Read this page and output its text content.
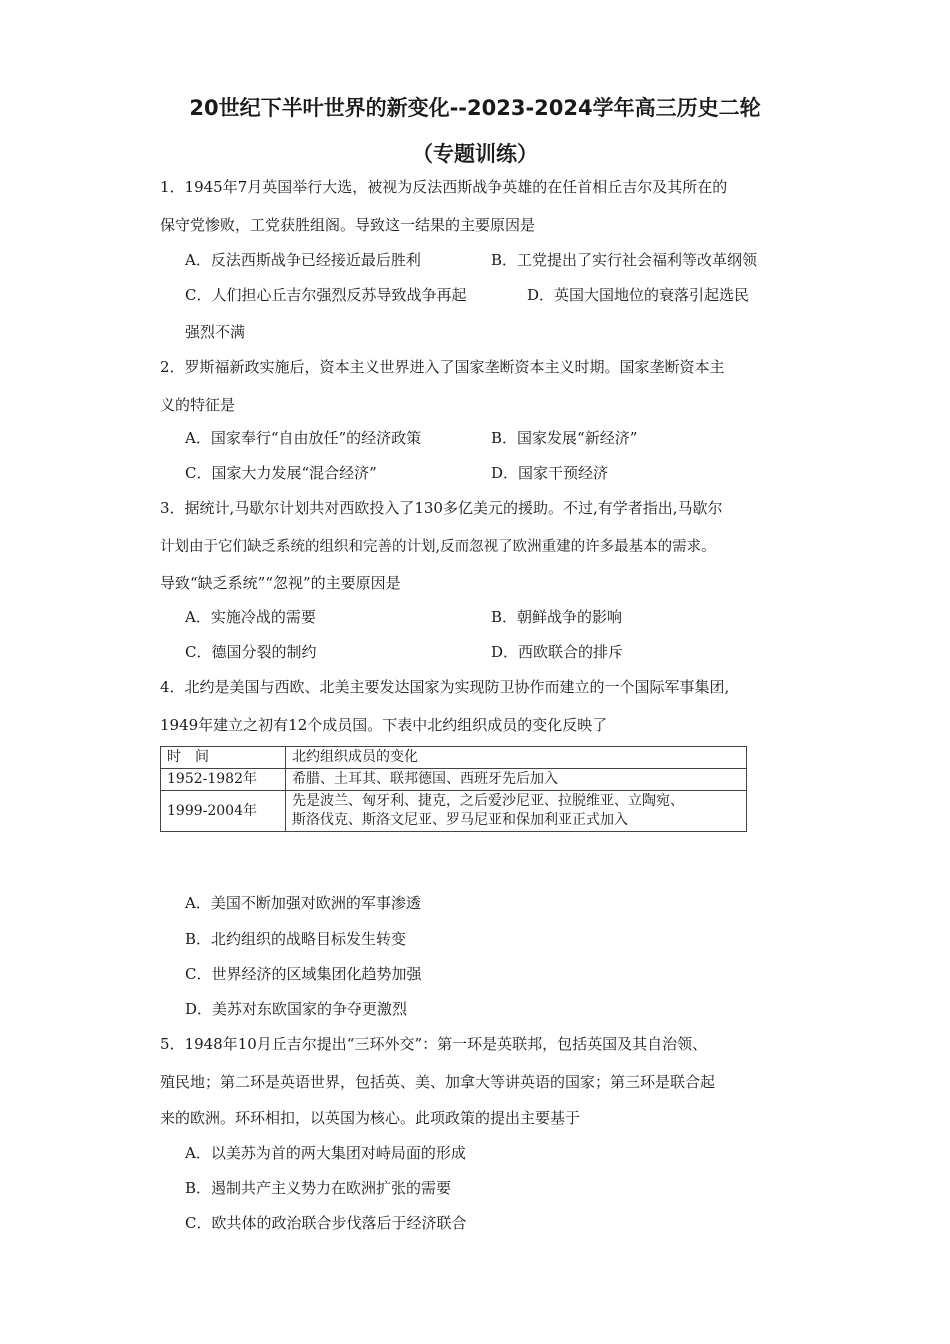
20世纪下半叶世界的新变化--2023-2024学年高三历史二轮
（专题训练）
1．1945年7月英国举行大选，被视为反法西斯战争英雄的在任首相丘吉尔及其所在的
保守党惨败，工党获胜组阁。导致这一结果的主要原因是
A．反法西斯战争已经接近最后胜利	B．工党提出了实行社会福利等改革纲领
C．人们担心丘吉尔强烈反苏导致战争再起	D．英国大国地位的衰落引起选民
强烈不满
2．罗斯福新政实施后，资本主义世界进入了国家垄断资本主义时期。国家垄断资本主
义的特征是
A．国家奉行“自由放任”的经济政策	B．国家发展“新经济”
C．国家大力发展“混合经济”	D．国家干预经济
3．据统计,马歇尔计划共对西欧投入了130多亿美元的援助。不过,有学者指出,马歇尔
计划由于它们缺乏系统的组织和完善的计划,反而忽视了欧洲重建的许多最基本的需求。
导致“缺乏系统”“忽视”的主要原因是
A．实施冷战的需要	B．朝鲜战争的影响
C．德国分裂的制约	D．西欧联合的排斥
4．北约是美国与西欧、北美主要发达国家为实现防卫协作而建立的一个国际军事集团,
1949年建立之初有12个成员国。下表中北约组织成员的变化反映了
时　间	北约组织成员的变化
1952-1982年	希腊、土耳其、联邦德国、西班牙先后加入
1999-2004年	先是波兰、匈牙利、捷克，之后爱沙尼亚、拉脱维亚、立陶宛、
斯洛伐克、斯洛文尼亚、罗马尼亚和保加利亚正式加入
A．美国不断加强对欧洲的军事渗透
B．北约组织的战略目标发生转变
C．世界经济的区域集团化趋势加强
D．美苏对东欧国家的争夺更激烈
5．1948年10月丘吉尔提出“三环外交”：第一环是英联邦，包括英国及其自治领、
殖民地；第二环是英语世界，包括英、美、加拿大等讲英语的国家；第三环是联合起
来的欧洲。环环相扣，以英国为核心。此项政策的提出主要基于
A．以美苏为首的两大集团对峙局面的形成
B．遏制共产主义势力在欧洲扩张的需要
C．欧共体的政治联合步伐落后于经济联合
